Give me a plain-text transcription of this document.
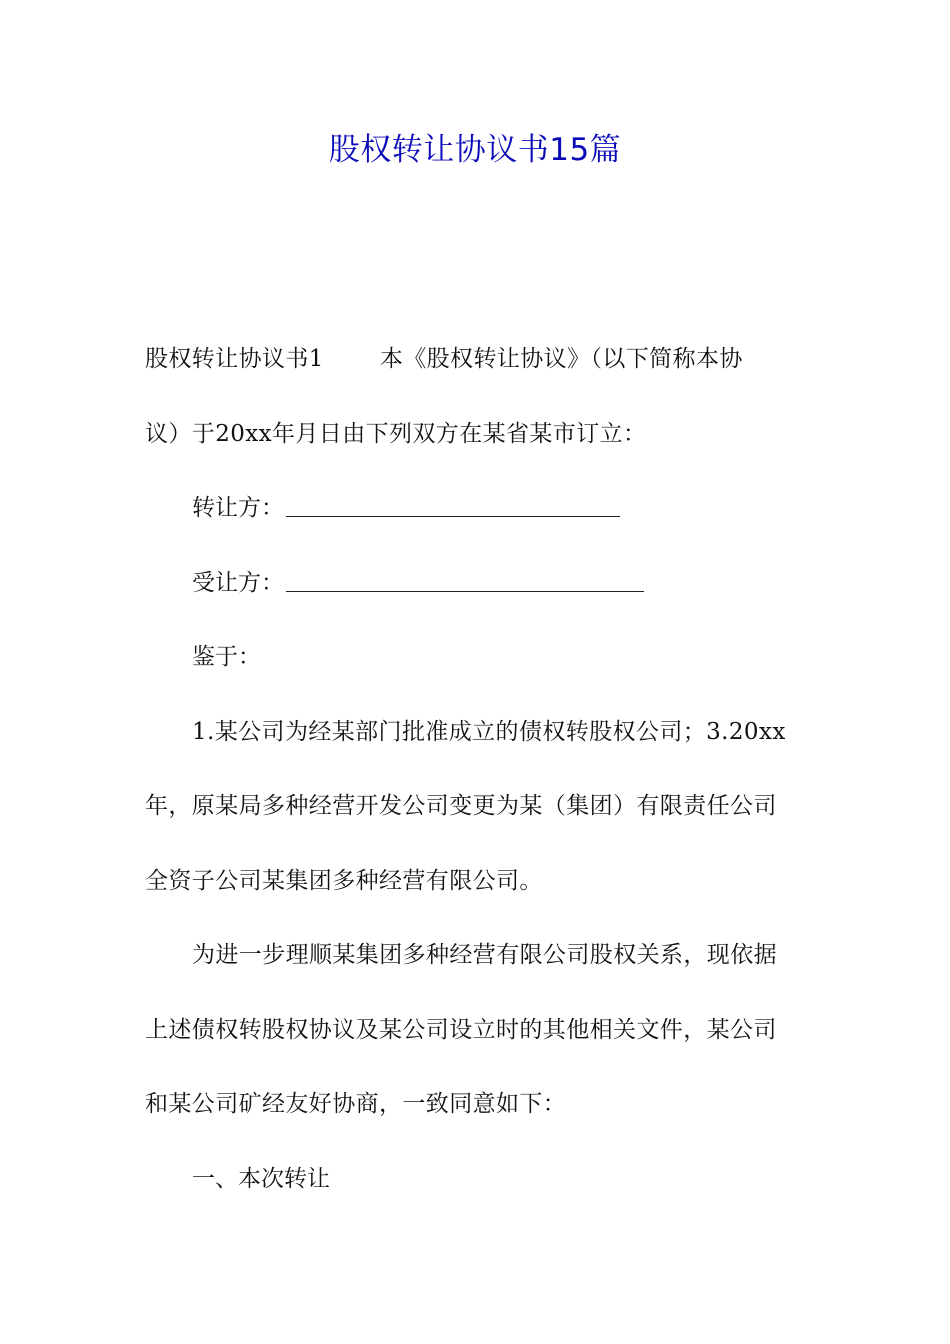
股权转让协议书15篇
股权转让协议书1 本《股权转让协议》（以下简称本协
议）于20xx年月日由下列双方在某省某市订立：
转让方：
受让方：
鉴于：
1.某公司为经某部门批准成立的债权转股权公司；3.20xx
年，原某局多种经营开发公司变更为某（集团）有限责任公司
全资子公司某集团多种经营有限公司。
为进一步理顺某集团多种经营有限公司股权关系，现依据
上述债权转股权协议及某公司设立时的其他相关文件，某公司
和某公司矿经友好协商，一致同意如下：
一、本次转让
